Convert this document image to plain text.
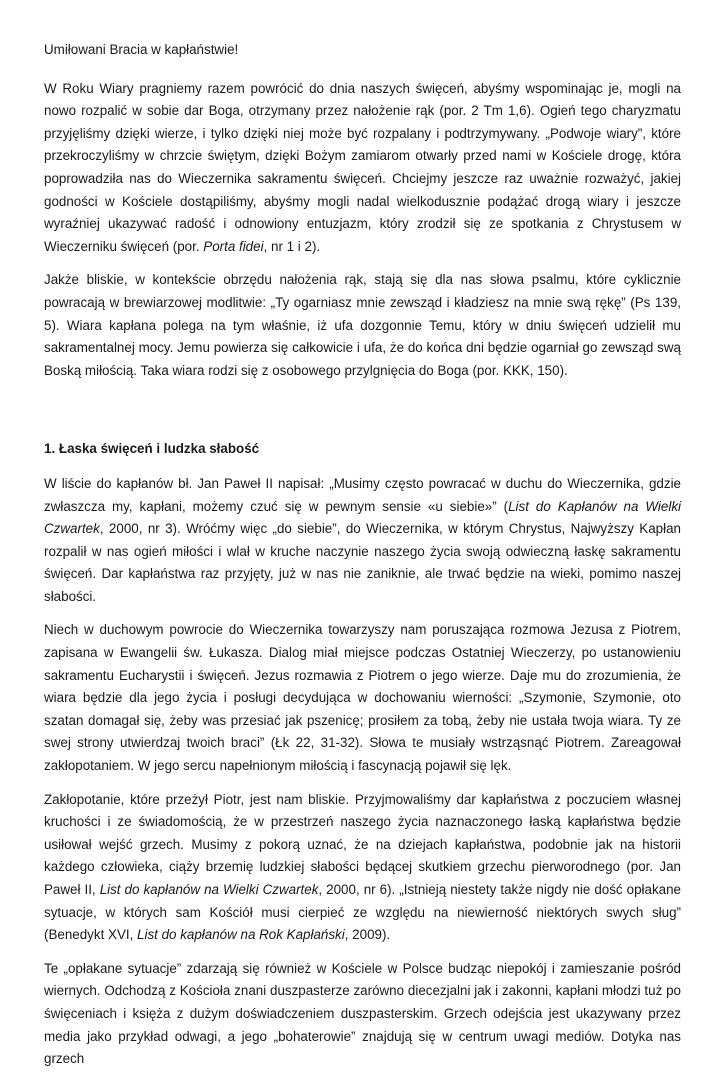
Umiłowani Bracia w kapłaństwie!

W Roku Wiary pragniemy razem powrócić do dnia naszych święceń, abyśmy wspominając je, mogli na nowo rozpalić w sobie dar Boga, otrzymany przez nałożenie rąk (por. 2 Tm 1,6). Ogień tego charyzmatu przyjęliśmy dzięki wierze, i tylko dzięki niej może być rozpalany i podtrzymywany. „Podwoje wiary”, które przekroczyliśmy w chrzcie świętym, dzięki Bożym zamiarom otwarły przed nami w Kościele drogę, która poprowadziła nas do Wieczernika sakramentu święceń. Chciejmy jeszcze raz uważnie rozważyć, jakiej godności w Kościele dostąpiliśmy, abyśmy mogli nadal wielkodusznie podążać drogą wiary i jeszcze wyraźniej ukazywać radość i odnowiony entuzjazm, który zrodził się ze spotkania z Chrystusem w Wieczerniku święceń (por. Porta fidei, nr 1 i 2).

Jakże bliskie, w kontekście obrzędu nałożenia rąk, stają się dla nas słowa psalmu, które cyklicznie powracają w brewiarzowej modlitwie: „Ty ogarniasz mnie zewsząd i kładziesz na mnie swą rękę” (Ps 139, 5). Wiara kapłana polega na tym właśnie, iż ufa dozgonnie Temu, który w dniu święceń udzielił mu sakramentalnej mocy. Jemu powierza się całkowicie i ufa, że do końca dni będzie ogarniał go zewsząd swą Boską miłością. Taka wiara rodzi się z osobowego przylgnięcia do Boga (por. KKK, 150).

1. Łaska święceń i ludzka słabość

W liście do kapłanów bł. Jan Paweł II napisał: „Musimy często powracać w duchu do Wieczernika, gdzie zwłaszcza my, kapłani, możemy czuć się w pewnym sensie «u siebie»” (List do Kapłanów na Wielki Czwartek, 2000, nr 3). Wróćmy więc „do siebie”, do Wieczernika, w którym Chrystus, Najwyższy Kapłan rozpalił w nas ogień miłości i wlał w kruche naczynie naszego życia swoją odwieczną łaskę sakramentu święceń. Dar kapłaństwa raz przyjęty, już w nas nie zaniknie, ale trwać będzie na wieki, pomimo naszej słabości.

Niech w duchowym powrocie do Wieczernika towarzyszy nam poruszająca rozmowa Jezusa z Piotrem, zapisana w Ewangelii św. Łukasza. Dialog miał miejsce podczas Ostatniej Wieczerzy, po ustanowieniu sakramentu Eucharystii i święceń. Jezus rozmawia z Piotrem o jego wierze. Daje mu do zrozumienia, że wiara będzie dla jego życia i posługi decydująca w dochowaniu wierności: „Szymonie, Szymonie, oto szatan domagał się, żeby was przesiać jak pszenicę; prosiłem za tobą, żeby nie ustała twoja wiara. Ty ze swej strony utwierdzaj twoich braci” (Łk 22, 31-32). Słowa te musiały wstrząsnąć Piotrem. Zareagował zakłopotaniem. W jego sercu napełnionym miłością i fascynacją pojawił się lęk.

Zakłopotanie, które przeżył Piotr, jest nam bliskie. Przyjmowaliśmy dar kapłaństwa z poczuciem własnej kruchości i ze świadomością, że w przestrzeń naszego życia naznaczonego łaską kapłaństwa będzie usiłował wejść grzech. Musimy z pokorą uznać, że na dziejach kapłaństwa, podobnie jak na historii każdego człowieka, ciąży brzemię ludzkiej słabości będącej skutkiem grzechu pierworodnego (por. Jan Paweł II, List do kapłanów na Wielki Czwartek, 2000, nr 6). „Istnieją niestety także nigdy nie dość opłakane sytuacje, w których sam Kościół musi cierpieć ze względu na niewierność niektórych swych sług” (Benedykt XVI, List do kapłanów na Rok Kapłański, 2009).

Te „opłakane sytuacje” zdarzają się również w Kościele w Polsce budząc niepokój i zamieszanie pośród wiernych. Odchodzą z Kościoła znani duszpasterze zarówno diecezjalni jak i zakonni, kapłani młodzi tuż po święceniach i księża z dużym doświadczeniem duszpasterskim. Grzech odejścia jest ukazywany przez media jako przykład odwagi, a jego „bohaterowie” znajdują się w centrum uwagi mediów. Dotyka nas grzech
